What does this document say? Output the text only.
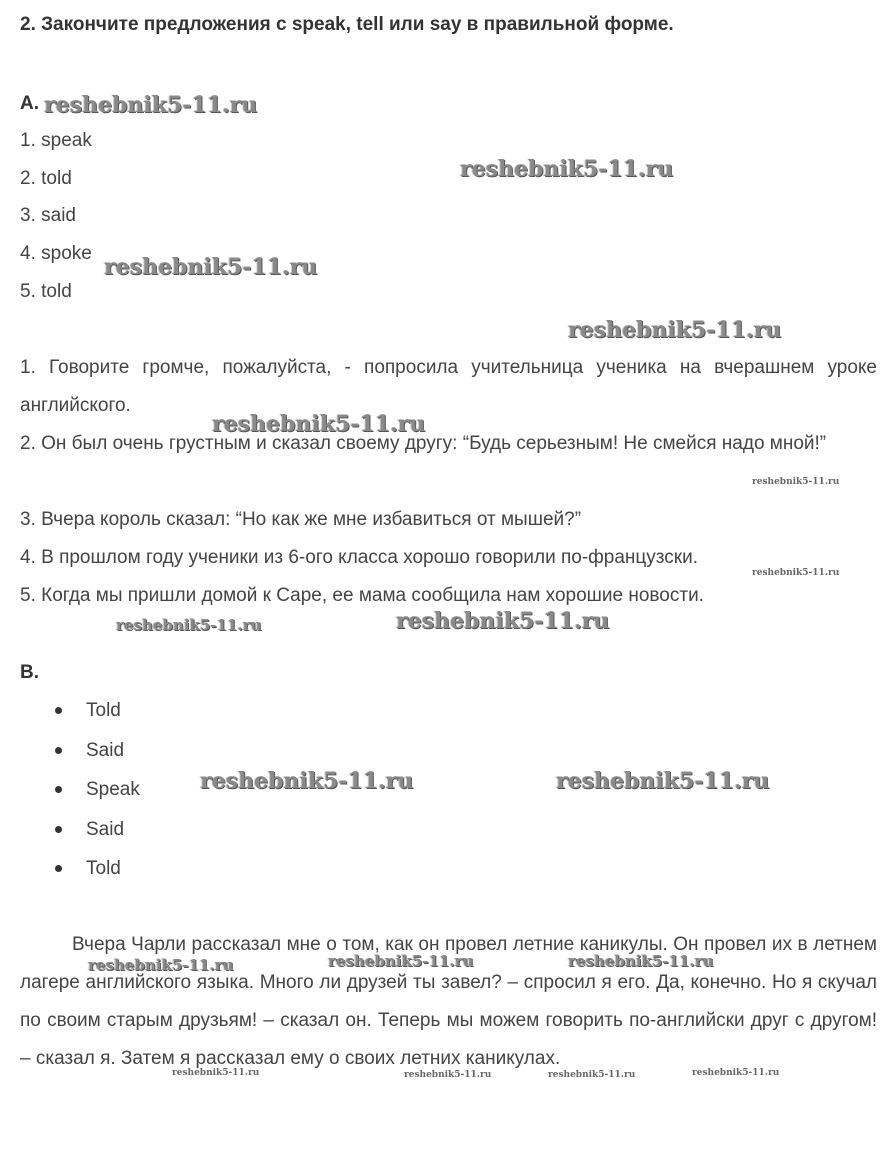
2. Закончите предложения с speak, tell или say в правильной форме.
A.
1. speak
2. told
3. said
4. spoke
5. told
1. Говорите громче, пожалуйста, - попросила учительница ученика на вчерашнем уроке английского.
2. Он был очень грустным и сказал своему другу: “Будь серьезным! Не смейся надо мной!”
3. Вчера король сказал: “Но как же мне избавиться от мышей?”
4. В прошлом году ученики из 6-ого класса хорошо говорили по-французски.
5. Когда мы пришли домой к Саре, ее мама сообщила нам хорошие новости.
B.
Told
Said
Speak
Said
Told
Вчера Чарли рассказал мне о том, как он провел летние каникулы. Он провел их в летнем лагере английского языка. Много ли друзей ты завел? – спросил я его. Да, конечно. Но я скучал по своим старым друзьям! – сказал он. Теперь мы можем говорить по-английски друг с другом! – сказал я. Затем я рассказал ему о своих летних каникулах.
reshebnik5-11.ru
reshebnik5-11.ru
reshebnik5-11.ru
reshebnik5-11.ru
reshebnik5-11.ru
reshebnik5-11.ru
reshebnik5-11.ru
reshebnik5-11.ru	reshebnik5-11.ru
reshebnik5-11.ru	reshebnik5-11.ru
reshebnik5-11.ru	reshebnik5-11.ru	reshebnik5-11.ru
reshebnik5-11.ru	reshebnik5-11.ru	reshebnik5-11.ru	reshebnik5-11.ru
